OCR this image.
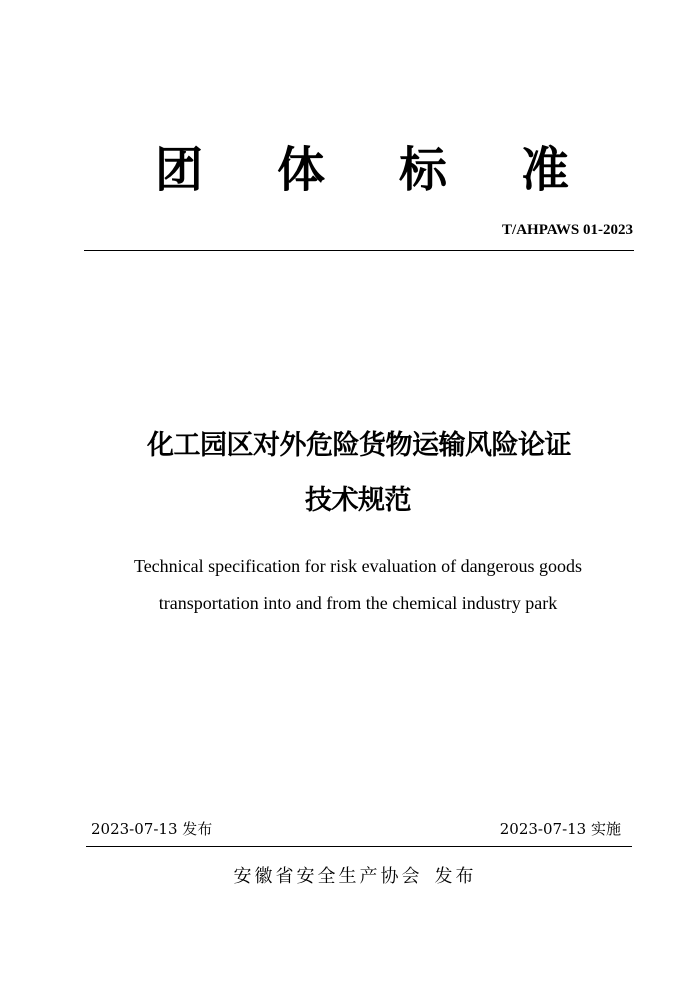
团 体 标 准
T/AHPAWS 01-2023
化工园区对外危险货物运输风险论证
技术规范
Technical specification for risk evaluation of dangerous goods
transportation into and from the chemical industry park
2023-07-13 发布	2023-07-13 实施
安徽省安全生产协会 发布
